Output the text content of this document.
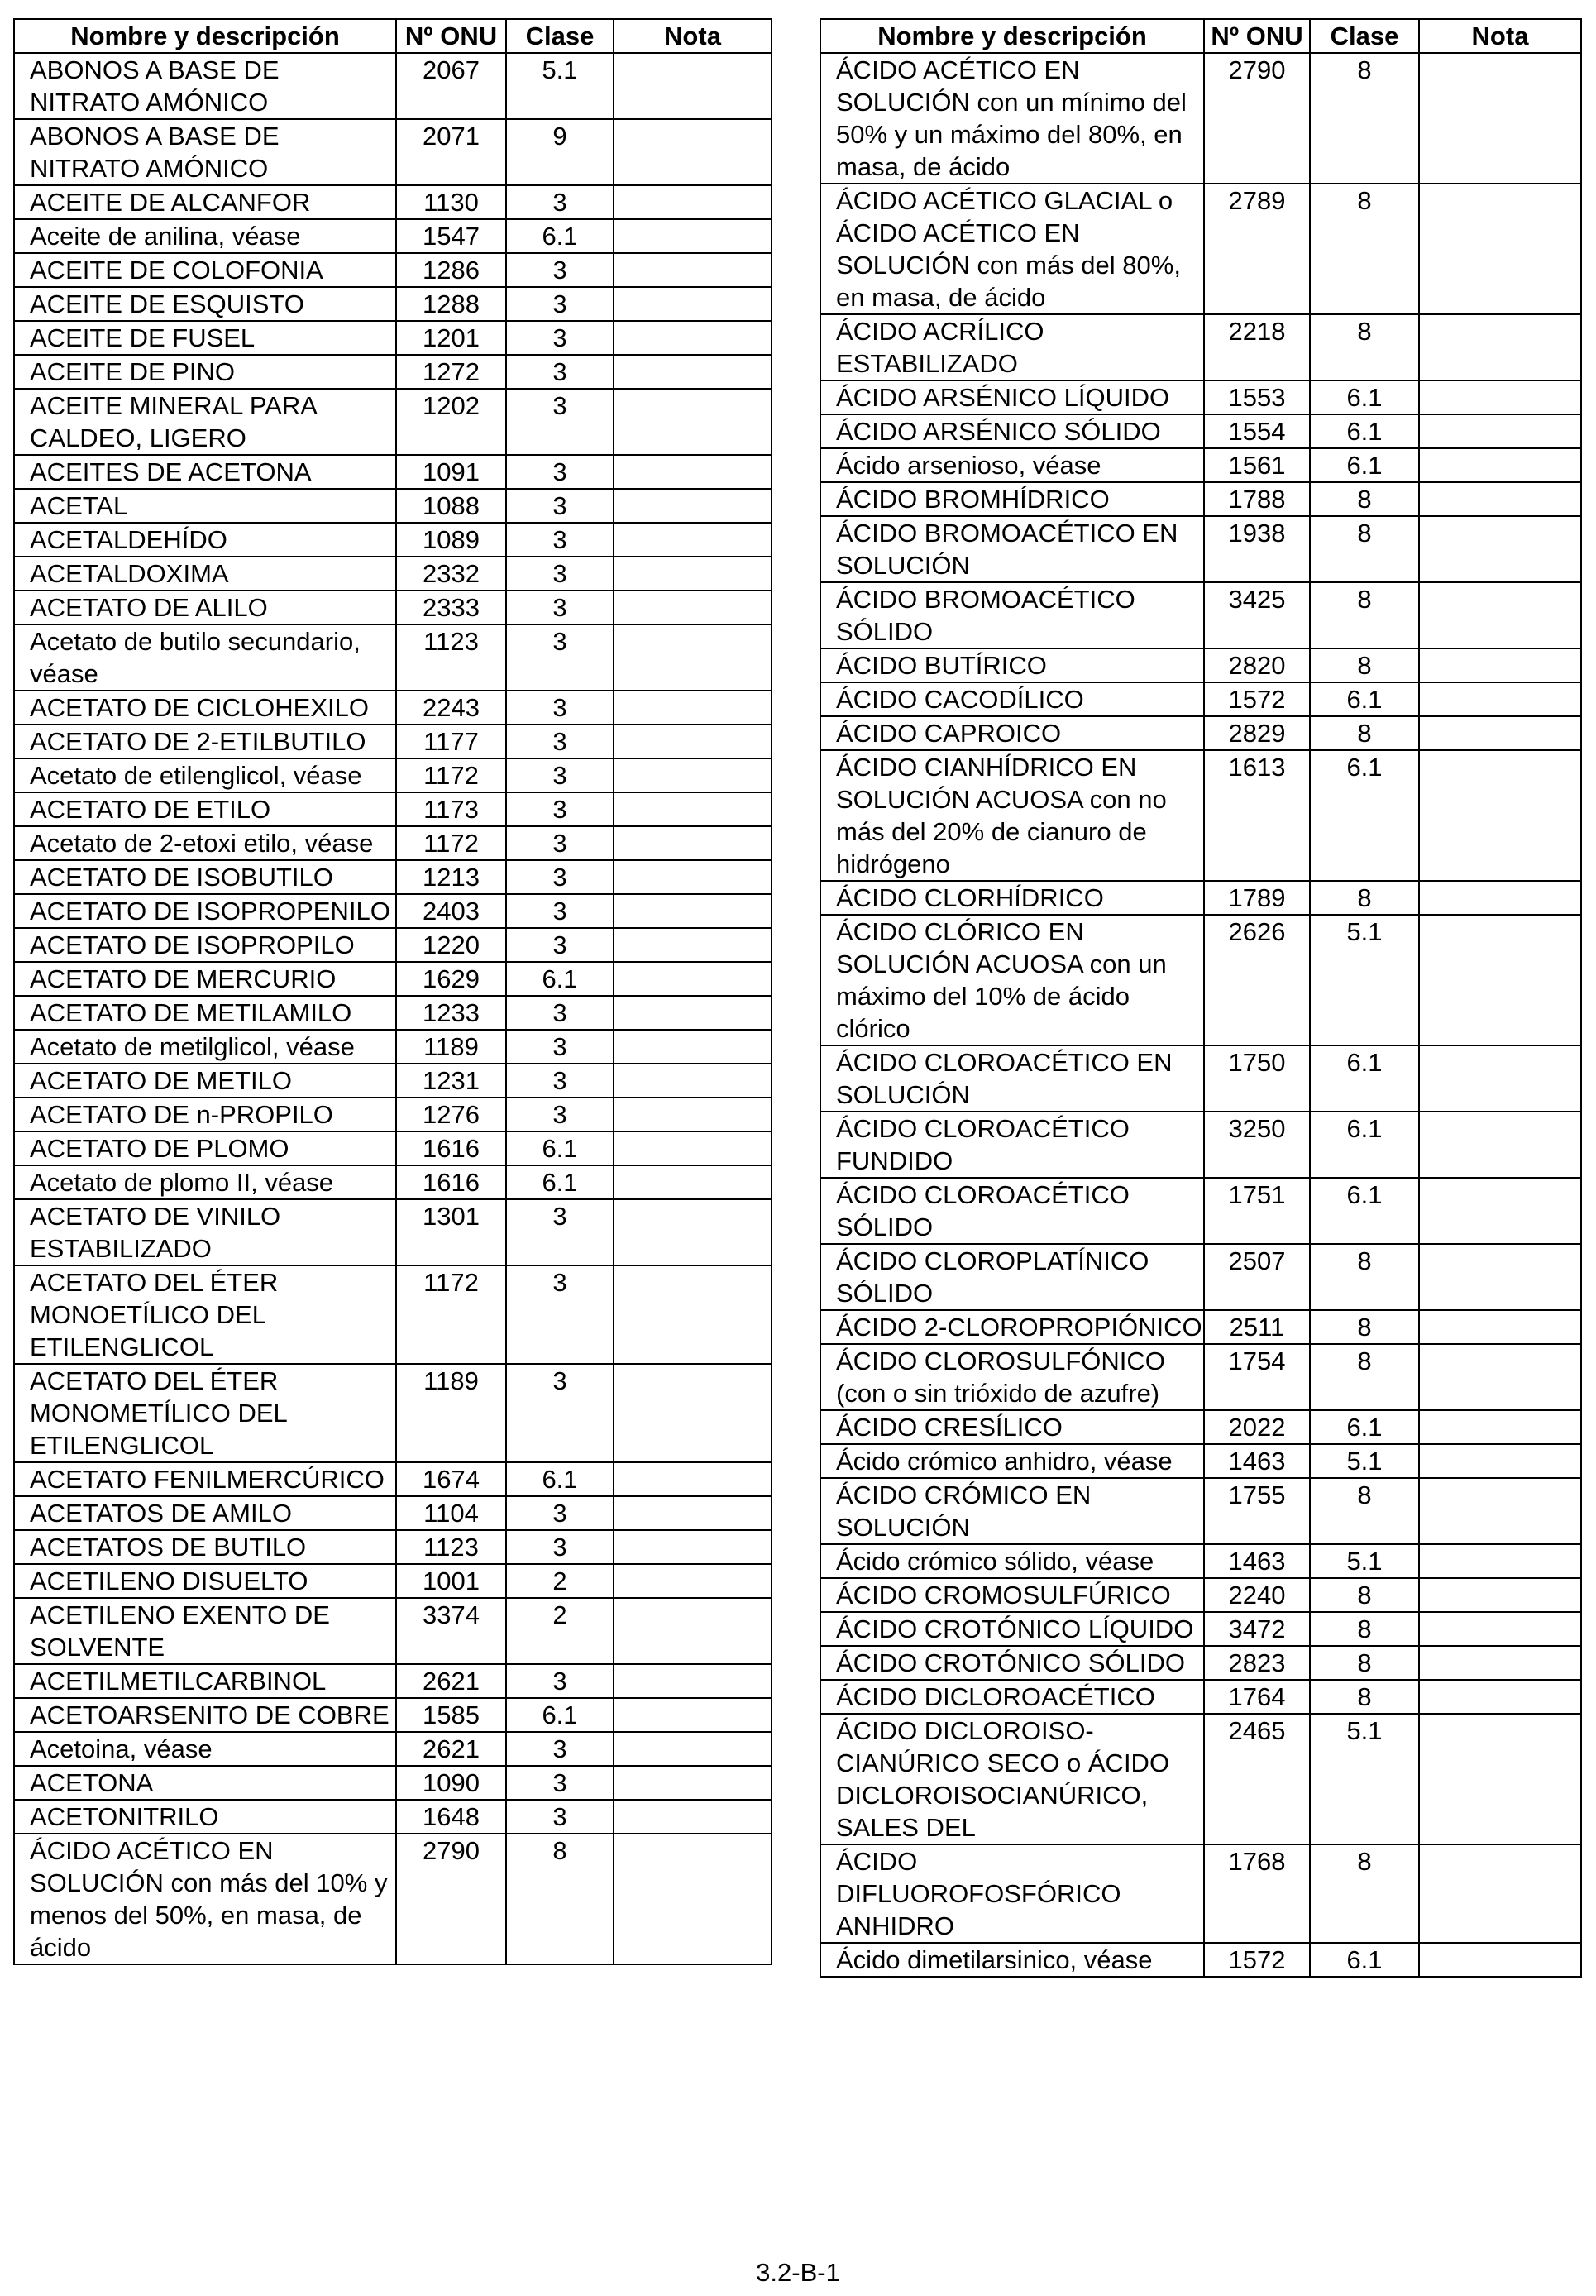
Nombre y descripción	Nº ONU	Clase	Nota
ABONOS A BASE DE NITRATO AMÓNICO	2067	5.1	
ABONOS A BASE DE NITRATO AMÓNICO	2071	9	
ACEITE DE ALCANFOR	1130	3	
Aceite de anilina, véase	1547	6.1	
ACEITE DE COLOFONIA	1286	3	
ACEITE DE ESQUISTO	1288	3	
ACEITE DE FUSEL	1201	3	
ACEITE DE PINO	1272	3	
ACEITE MINERAL PARA CALDEO, LIGERO	1202	3	
ACEITES DE ACETONA	1091	3	
ACETAL	1088	3	
ACETALDEHÍDO	1089	3	
ACETALDOXIMA	2332	3	
ACETATO DE ALILO	2333	3	
Acetato de butilo secundario, véase	1123	3	
ACETATO DE CICLOHEXILO	2243	3	
ACETATO DE 2-ETILBUTILO	1177	3	
Acetato de etilenglicol, véase	1172	3	
ACETATO DE ETILO	1173	3	
Acetato de 2-etoxi etilo, véase	1172	3	
ACETATO DE ISOBUTILO	1213	3	
ACETATO DE ISOPROPENILO	2403	3	
ACETATO DE ISOPROPILO	1220	3	
ACETATO DE MERCURIO	1629	6.1	
ACETATO DE METILAMILO	1233	3	
Acetato de metilglicol, véase	1189	3	
ACETATO DE METILO	1231	3	
ACETATO DE n-PROPILO	1276	3	
ACETATO DE PLOMO	1616	6.1	
Acetato de plomo II, véase	1616	6.1	
ACETATO DE VINILO ESTABILIZADO	1301	3	
ACETATO DEL ÉTER MONOETÍLICO DEL ETILENGLICOL	1172	3	
ACETATO DEL ÉTER MONOMETÍLICO DEL ETILENGLICOL	1189	3	
ACETATO FENILMERCÚRICO	1674	6.1	
ACETATOS DE AMILO	1104	3	
ACETATOS DE BUTILO	1123	3	
ACETILENO DISUELTO	1001	2	
ACETILENO EXENTO DE SOLVENTE	3374	2	
ACETILMETILCARBINOL	2621	3	
ACETOARSENITO DE COBRE	1585	6.1	
Acetoina, véase	2621	3	
ACETONA	1090	3	
ACETONITRILO	1648	3	
ÁCIDO ACÉTICO EN SOLUCIÓN con más del 10% y menos del 50%, en masa, de ácido	2790	8	
Nombre y descripción	Nº ONU	Clase	Nota
ÁCIDO ACÉTICO EN SOLUCIÓN con un mínimo del 50% y un máximo del 80%, en masa, de ácido	2790	8	
ÁCIDO ACÉTICO GLACIAL o ÁCIDO ACÉTICO EN SOLUCIÓN con más del 80%, en masa, de ácido	2789	8	
ÁCIDO ACRÍLICO ESTABILIZADO	2218	8	
ÁCIDO ARSÉNICO LÍQUIDO	1553	6.1	
ÁCIDO ARSÉNICO SÓLIDO	1554	6.1	
Ácido arsenioso, véase	1561	6.1	
ÁCIDO BROMHÍDRICO	1788	8	
ÁCIDO BROMOACÉTICO EN SOLUCIÓN	1938	8	
ÁCIDO BROMOACÉTICO SÓLIDO	3425	8	
ÁCIDO BUTÍRICO	2820	8	
ÁCIDO CACODÍLICO	1572	6.1	
ÁCIDO CAPROICO	2829	8	
ÁCIDO CIANHÍDRICO EN SOLUCIÓN ACUOSA con no más del 20% de cianuro de hidrógeno	1613	6.1	
ÁCIDO CLORHÍDRICO	1789	8	
ÁCIDO CLÓRICO EN SOLUCIÓN ACUOSA con un máximo del 10% de ácido clórico	2626	5.1	
ÁCIDO CLOROACÉTICO EN SOLUCIÓN	1750	6.1	
ÁCIDO CLOROACÉTICO FUNDIDO	3250	6.1	
ÁCIDO CLOROACÉTICO SÓLIDO	1751	6.1	
ÁCIDO CLOROPLATÍNICO SÓLIDO	2507	8	
ÁCIDO 2-CLOROPROPIÓNICO	2511	8	
ÁCIDO CLOROSULFÓNICO (con o sin trióxido de azufre)	1754	8	
ÁCIDO CRESÍLICO	2022	6.1	
Ácido crómico anhidro, véase	1463	5.1	
ÁCIDO CRÓMICO EN SOLUCIÓN	1755	8	
Ácido crómico sólido, véase	1463	5.1	
ÁCIDO CROMOSULFÚRICO	2240	8	
ÁCIDO CROTÓNICO LÍQUIDO	3472	8	
ÁCIDO CROTÓNICO SÓLIDO	2823	8	
ÁCIDO DICLOROACÉTICO	1764	8	
ÁCIDO DICLOROISO-CIANÚRICO SECO o ÁCIDO DICLOROISOCIANÚRICO, SALES DEL	2465	5.1	
ÁCIDO DIFLUOROFOSFÓRICO ANHIDRO	1768	8	
Ácido dimetilarsinico, véase	1572	6.1	
3.2-B-1
